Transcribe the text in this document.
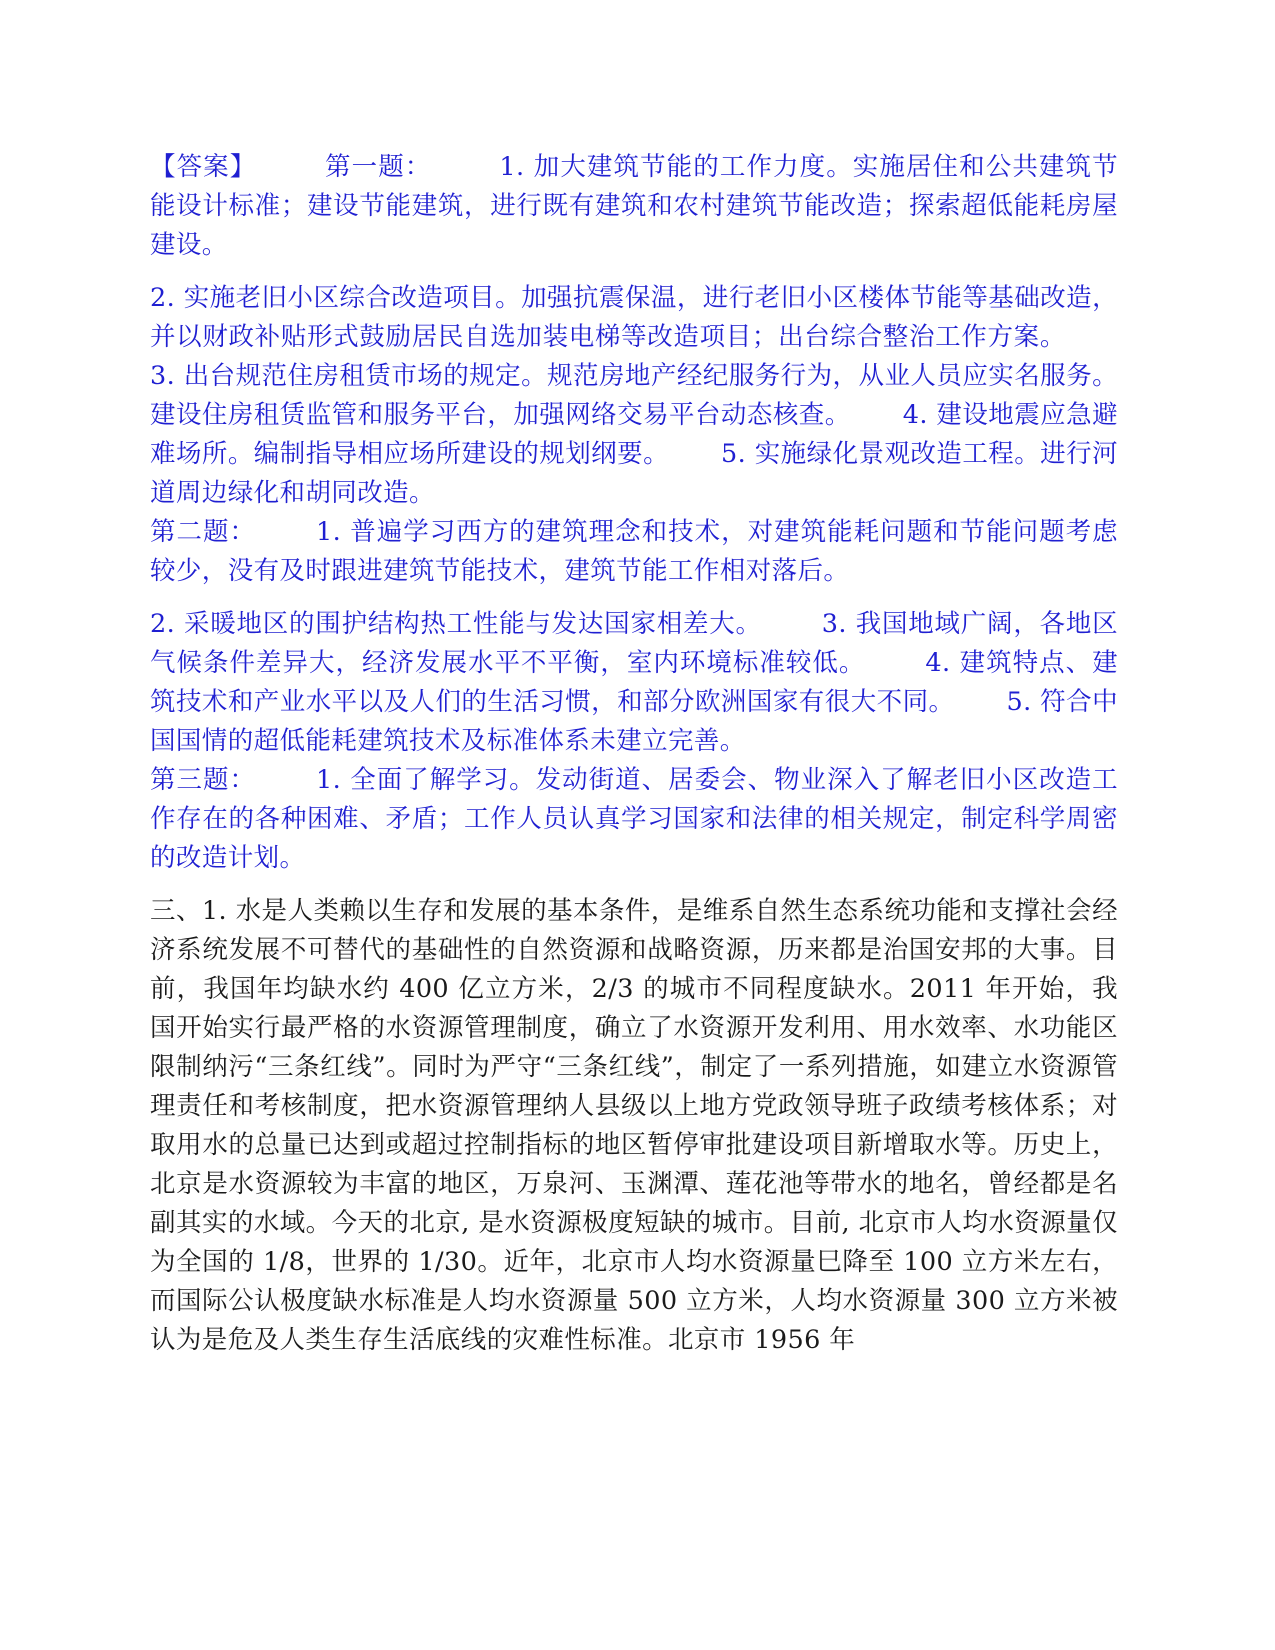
【答案】	第一题：	1. 加大建筑节能的工作力度。实施居住和公共建筑节能设计标准；建设节能建筑，进行既有建筑和农村建筑节能改造；探索超低能耗房屋建设。

2. 实施老旧小区综合改造项目。加强抗震保温，进行老旧小区楼体节能等基础改造，并以财政补贴形式鼓励居民自选加装电梯等改造项目；出台综合整治工作方案。3. 出台规范住房租赁市场的规定。规范房地产经纪服务行为，从业人员应实名服务。建设住房租赁监管和服务平台，加强网络交易平台动态核查。 4. 建设地震应急避难场所。编制指导相应场所建设的规划纲要。 5. 实施绿化景观改造工程。进行河道周边绿化和胡同改造。

第二题： 1. 普遍学习西方的建筑理念和技术，对建筑能耗问题和节能问题考虑较少，没有及时跟进建筑节能技术，建筑节能工作相对落后。

2. 采暖地区的围护结构热工性能与发达国家相差大。 3. 我国地域广阔，各地区气候条件差异大，经济发展水平不平衡，室内环境标准较低。 4. 建筑特点、建筑技术和产业水平以及人们的生活习惯，和部分欧洲国家有很大不同。 5. 符合中国国情的超低能耗建筑技术及标准体系未建立完善。

第三题： 1. 全面了解学习。发动街道、居委会、物业深入了解老旧小区改造工作存在的各种困难、矛盾；工作人员认真学习国家和法律的相关规定，制定科学周密的改造计划。

三、1. 水是人类赖以生存和发展的基本条件，是维系自然生态系统功能和支撑社会经济系统发展不可替代的基础性的自然资源和战略资源，历来都是治国安邦的大事。目前，我国年均缺水约 400 亿立方米，2/3 的城市不同程度缺水。2011 年开始，我国开始实行最严格的水资源管理制度，确立了水资源开发利用、用水效率、水功能区限制纳污“三条红线”。同时为严守“三条红线”，制定了一系列措施，如建立水资源管理责任和考核制度，把水资源管理纳人县级以上地方党政领导班子政绩考核体系；对取用水的总量已达到或超过控制指标的地区暂停审批建设项目新增取水等。历史上，北京是水资源较为丰富的地区，万泉河、玉渊潭、莲花池等带水的地名，曾经都是名副其实的水域。今天的北京, 是水资源极度短缺的城市。目前, 北京市人均水资源量仅为全国的 1/8，世界的 1/30。近年，北京市人均水资源量巳降至 100 立方米左右，而国际公认极度缺水标准是人均水资源量 500 立方米，人均水资源量 300 立方米被认为是危及人类生存生活底线的灾难性标准。北京市 1956 年
